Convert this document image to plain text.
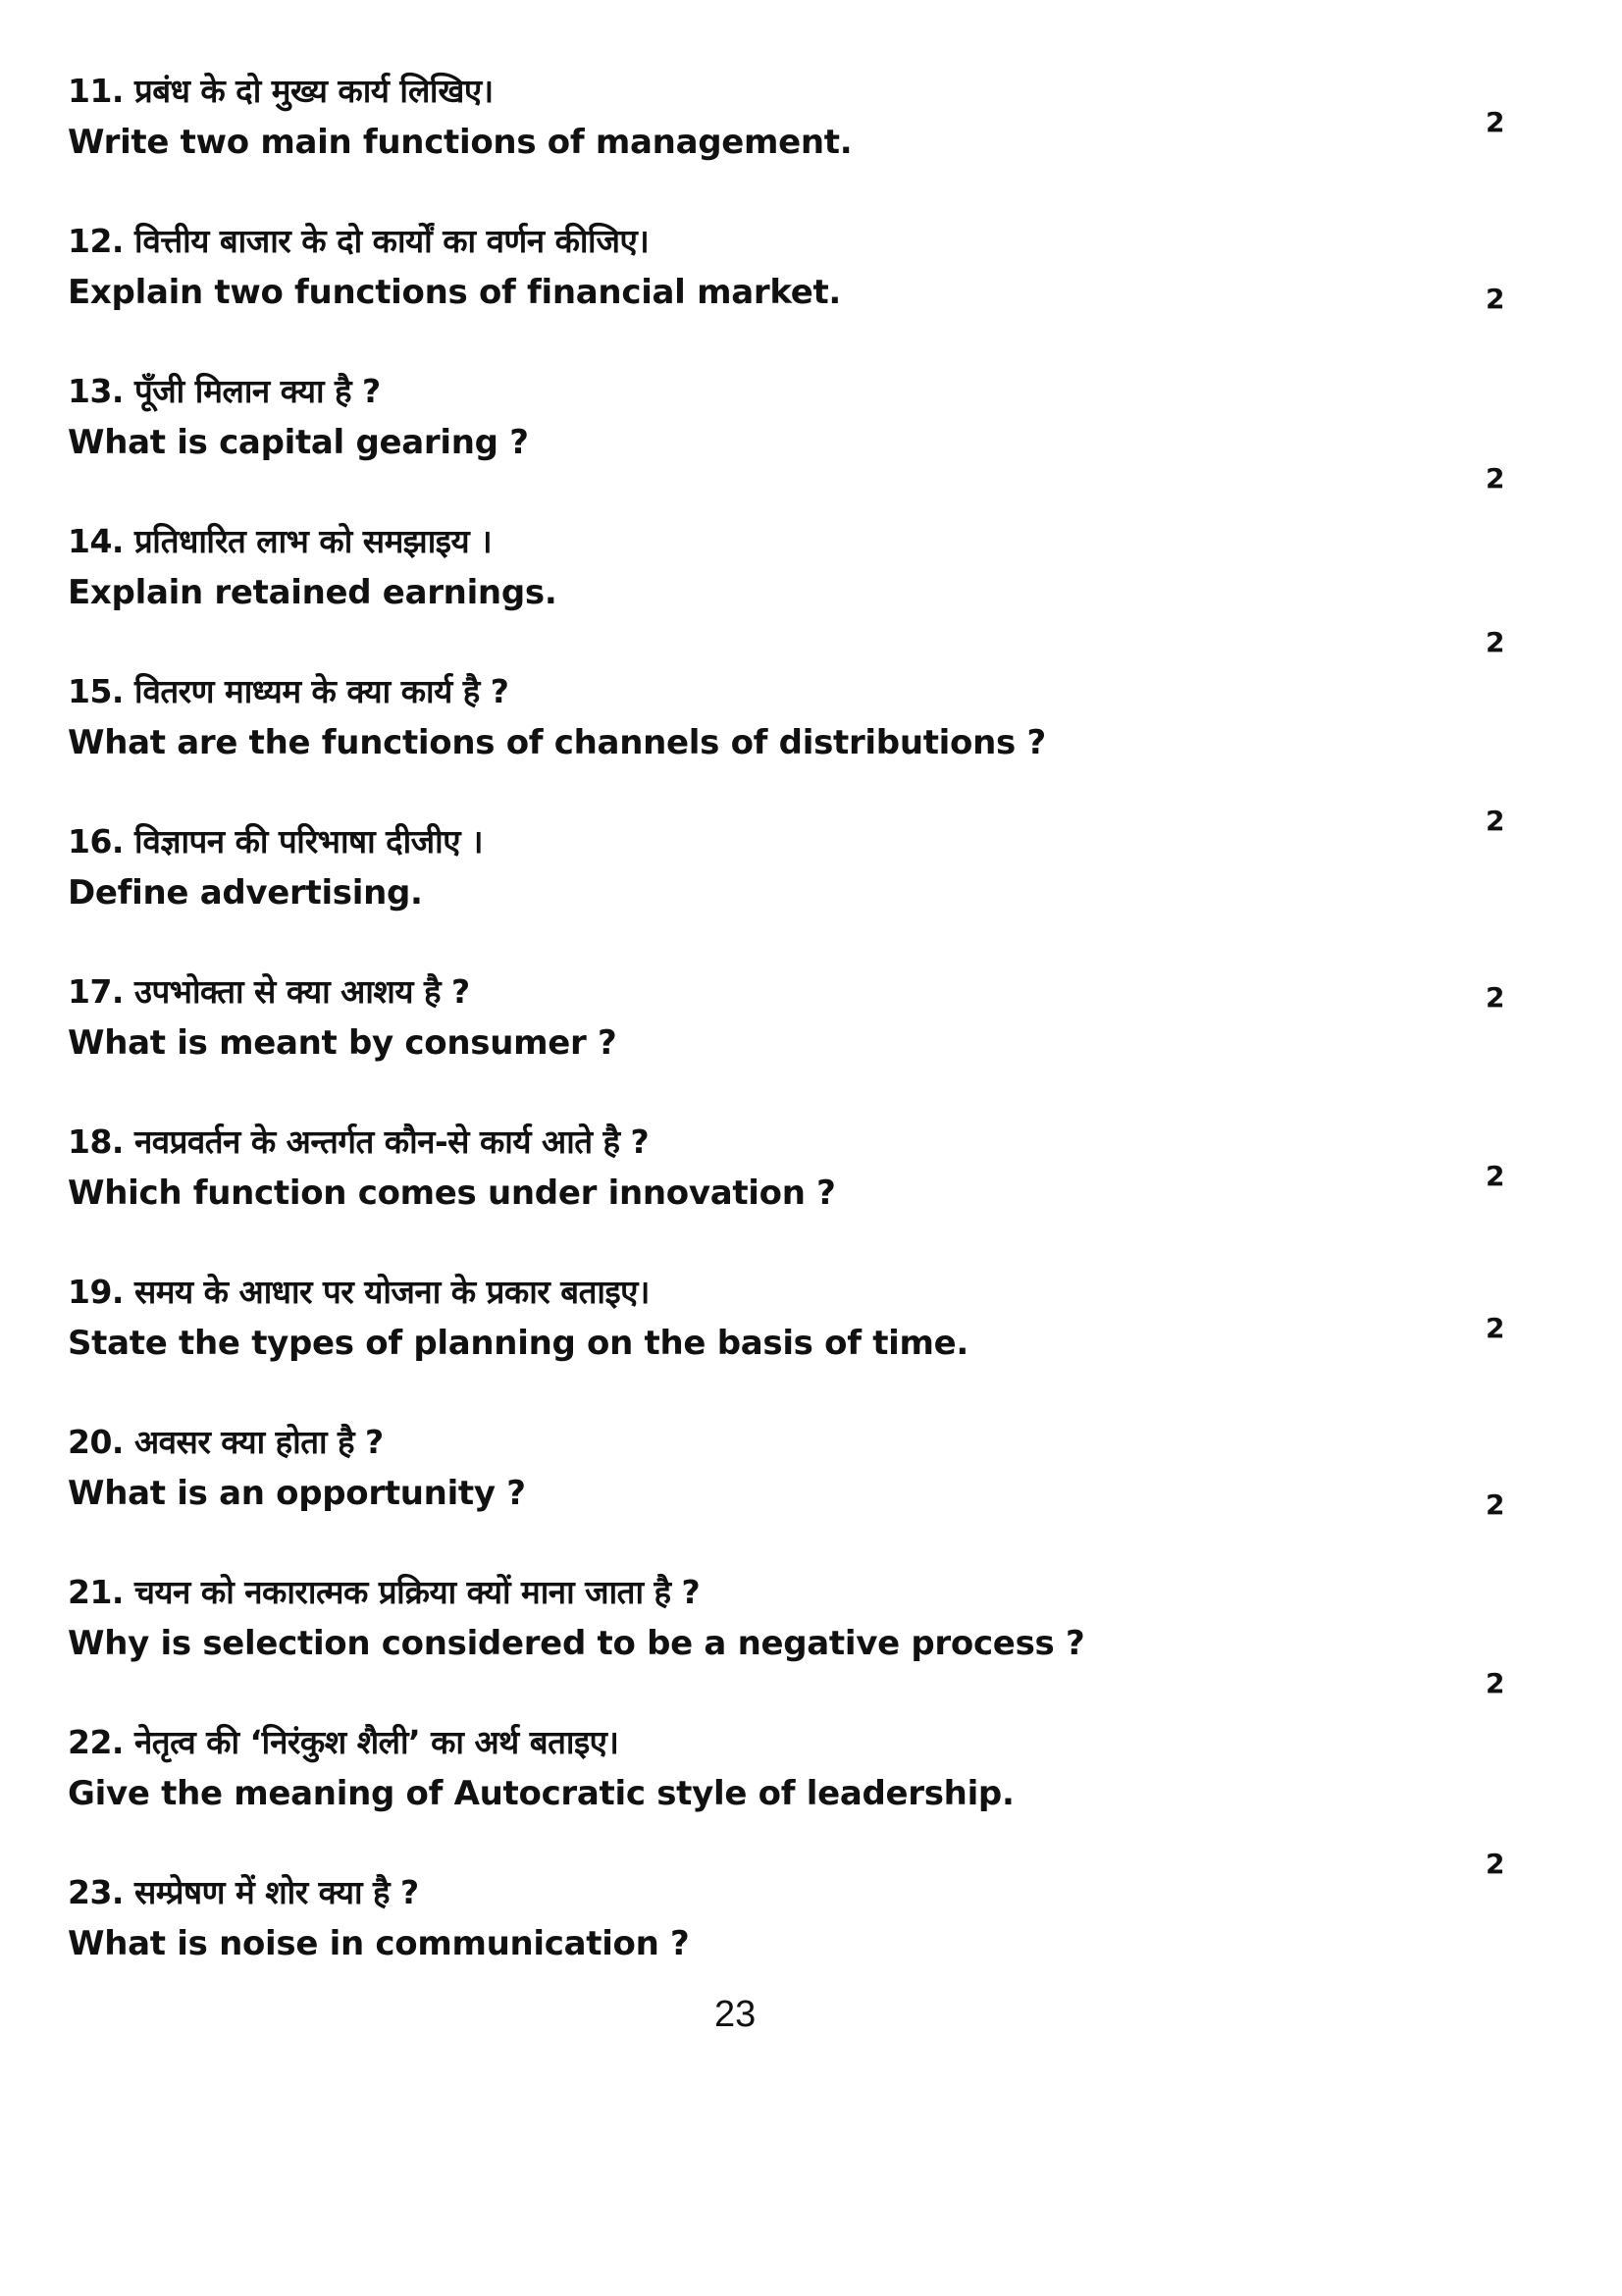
11. प्रबंध के दो मुख्य कार्य लिखिए।
Write two main functions of management.
12. वित्तीय बाजार के दो कार्यों का वर्णन कीजिए।
Explain two functions of financial market.
13. पूँजी मिलान क्या है ?
What is capital gearing ?
14. प्रतिधारित लाभ को समझाइय ।
Explain retained earnings.
15. वितरण माध्यम के क्या कार्य है ?
What are the functions of channels of distributions ?
16. विज्ञापन की परिभाषा दीजीए ।
Define advertising.
17. उपभोक्ता से क्या आशय है ?
What is meant by consumer ?
18. नवप्रवर्तन के अन्तर्गत कौन-से कार्य आते है ?
Which function comes under innovation ?
19. समय के आधार पर योजना के प्रकार बताइए।
State the types of planning on the basis of time.
20. अवसर क्या होता है ?
What is an opportunity ?
21. चयन को नकारात्मक प्रक्रिया क्यों माना जाता है ?
Why is selection considered to be a negative process ?
22. नेतृत्व की ‘निरंकुश शैली’ का अर्थ बताइए।
Give the meaning of Autocratic style of leadership.
23. सम्प्रेषण में शोर क्या है ?
What is noise in communication ?
2
2
2
2
2
2
2
2
2
2
2
23
